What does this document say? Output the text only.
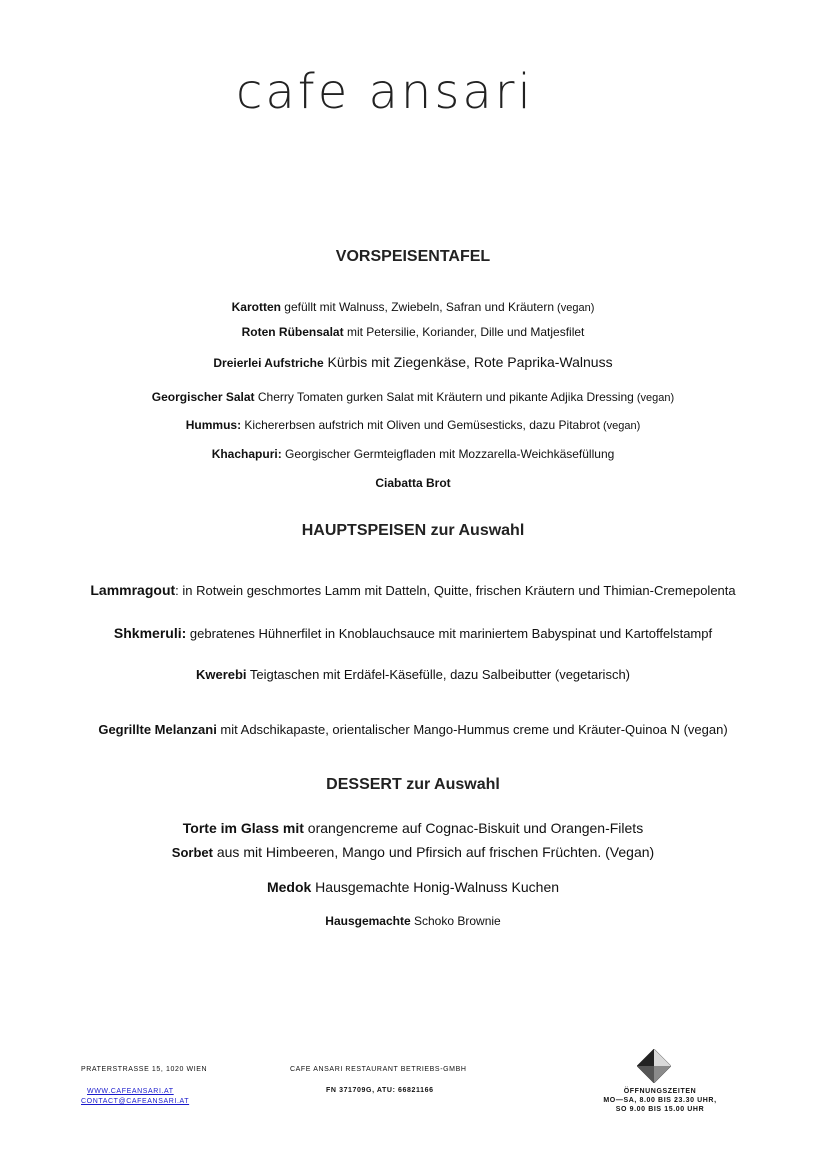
cafe ansari
VORSPEISENTAFEL
Karotten gefüllt mit Walnuss, Zwiebeln, Safran und Kräutern (vegan)
Roten Rübensalat mit Petersilie, Koriander, Dille und Matjesfilet
Dreierlei Aufstriche Kürbis mit Ziegenkäse, Rote Paprika-Walnuss
Georgischer Salat Cherry Tomaten gurken Salat mit Kräutern und pikante Adjika Dressing (vegan)
Hummus: Kichererbsen aufstrich mit Oliven und Gemüsesticks, dazu Pitabrot (vegan)
Khachapuri: Georgischer Germteigfladen mit Mozzarella-Weichkäsefüllung
Ciabatta Brot
HAUPTSPEISEN zur Auswahl
Lammragout: in Rotwein geschmortes Lamm mit Datteln, Quitte, frischen Kräutern und Thimian-Cremepolenta
Shkmeruli: gebratenes Hühnerfilet in Knoblauchsauce mit mariniertem Babyspinat und Kartoffelstampf
Kwerebi Teigtaschen mit Erdäfel-Käsefülle, dazu Salbeibutter (vegetarisch)
Gegrillte Melanzani mit Adschikapaste, orientalischer Mango-Hummus creme und Kräuter-Quinoa N (vegan)
DESSERT zur Auswahl
Torte im Glass mit orangencreme auf Cognac-Biskuit und Orangen-Filets
Sorbet aus mit Himbeeren, Mango und Pfirsich auf frischen Früchten. (Vegan)
Medok Hausgemachte Honig-Walnuss Kuchen
Hausgemachte Schoko Brownie
PRATERSTRASSE 15, 1020 WIEN
WWW.CAFEANSARI.AT
CONTACT@CAFEANSARI.AT
CAFE ANSARI RESTAURANT BETRIEBS-GMBH
FN 371709G, ATU: 66821166	ÖFFNUNGSZEITEN
MO—SA, 8.00 BIS 23.30 UHR,
SO 9.00 BIS 15.00 UHR
